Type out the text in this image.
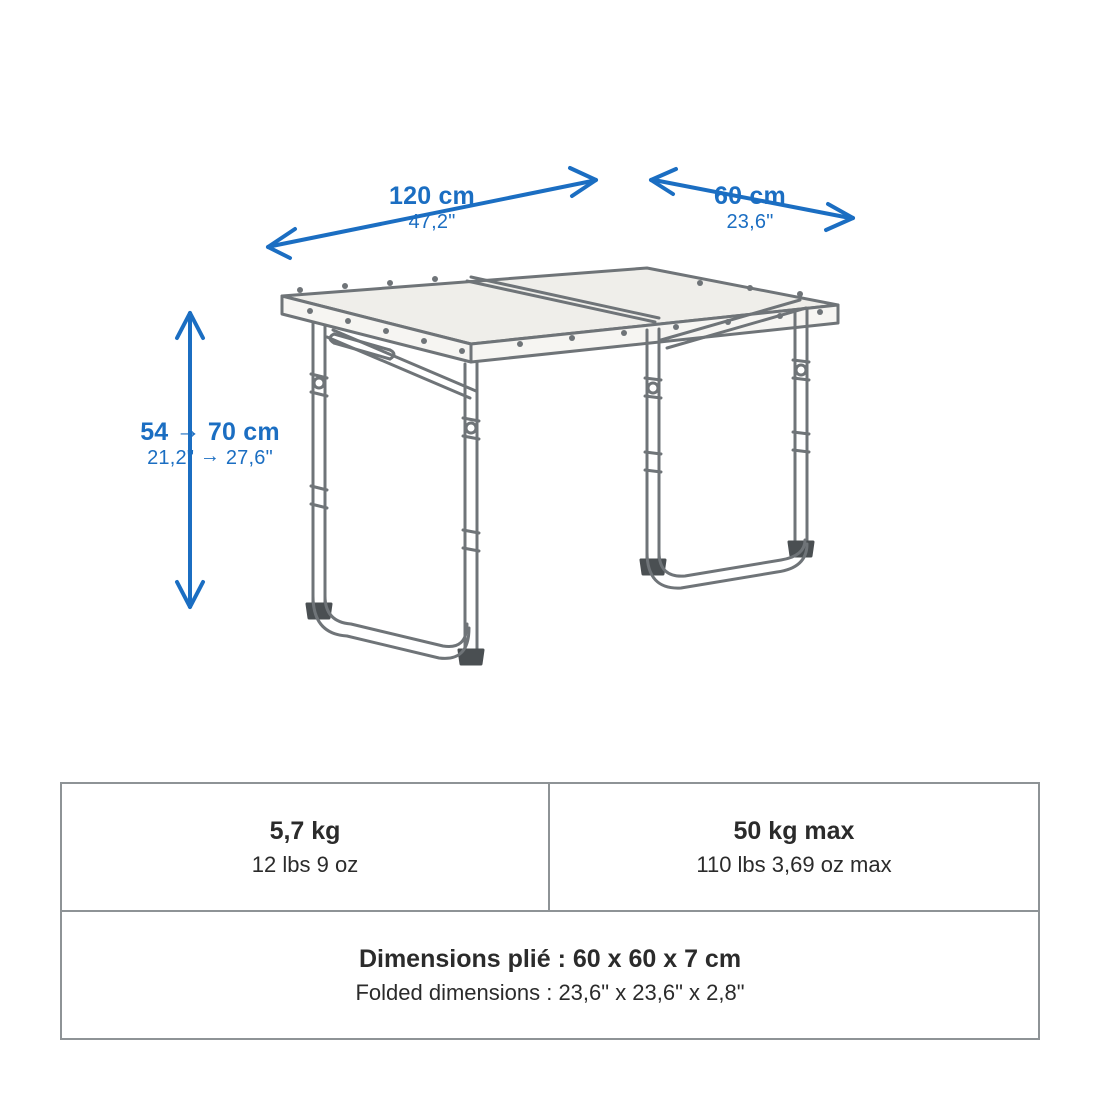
120 cm
47,2"
60 cm
23,6"
54 → 70 cm
21,2" → 27,6"
5,7 kg
12 lbs 9 oz
50 kg max
110 lbs 3,69 oz max
Dimensions plié : 60 x 60 x 7 cm
Folded dimensions : 23,6" x 23,6" x 2,8"
